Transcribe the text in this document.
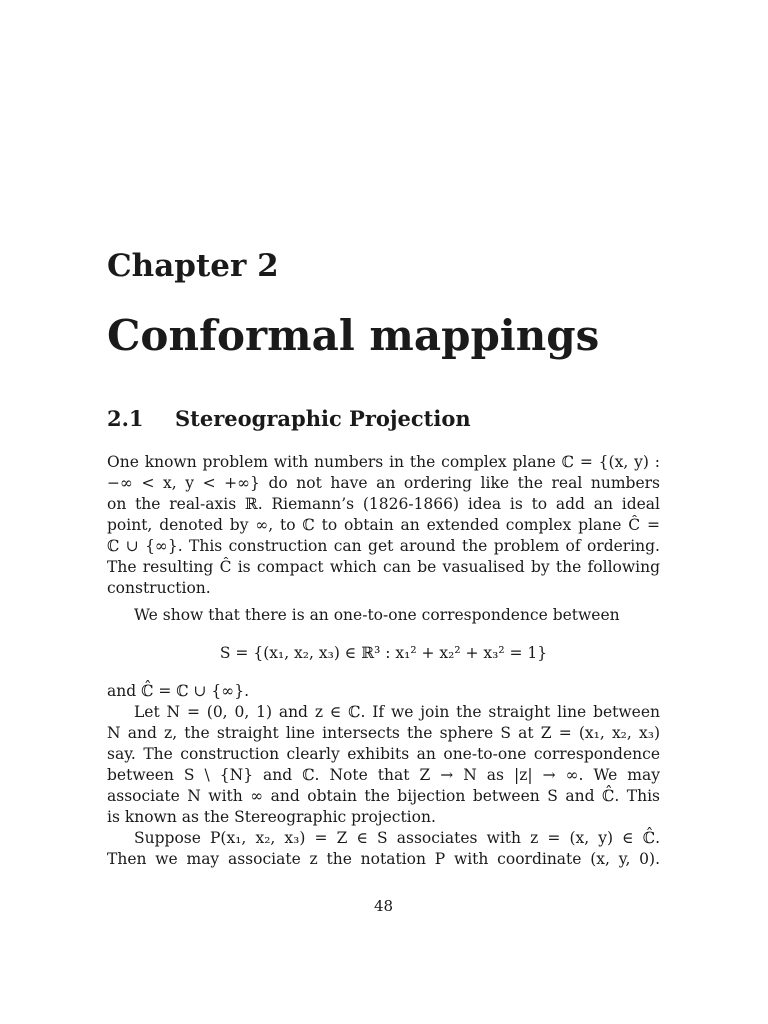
Chapter 2
Conformal mappings
2.1 Stereographic Projection
One known problem with numbers in the complex plane ℂ = {(x, y) :
−∞ < x, y < +∞} do not have an ordering like the real numbers
on the real-axis ℝ. Riemann’s (1826-1866) idea is to add an ideal
point, denoted by ∞, to ℂ to obtain an extended complex plane Ĉ =
ℂ ∪ {∞}. This construction can get around the problem of ordering.
The resulting Ĉ is compact which can be vasualised by the following
construction.
We show that there is an one-to-one correspondence between
S = {(x₁, x₂, x₃) ∈ ℝ³ : x₁² + x₂² + x₃² = 1}
and ℂ̂ = ℂ ∪ {∞}.
Let N = (0, 0, 1) and z ∈ ℂ. If we join the straight line between
N and z, the straight line intersects the sphere S at Z = (x₁, x₂, x₃)
say. The construction clearly exhibits an one-to-one correspondence
between S \ {N} and ℂ. Note that Z → N as |z| → ∞. We may
associate N with ∞ and obtain the bijection between S and ℂ̂. This
is known as the Stereographic projection.
Suppose P(x₁, x₂, x₃) = Z ∈ S associates with z = (x, y) ∈ ℂ̂.
Then we may associate z the notation P with coordinate (x, y, 0).
48
